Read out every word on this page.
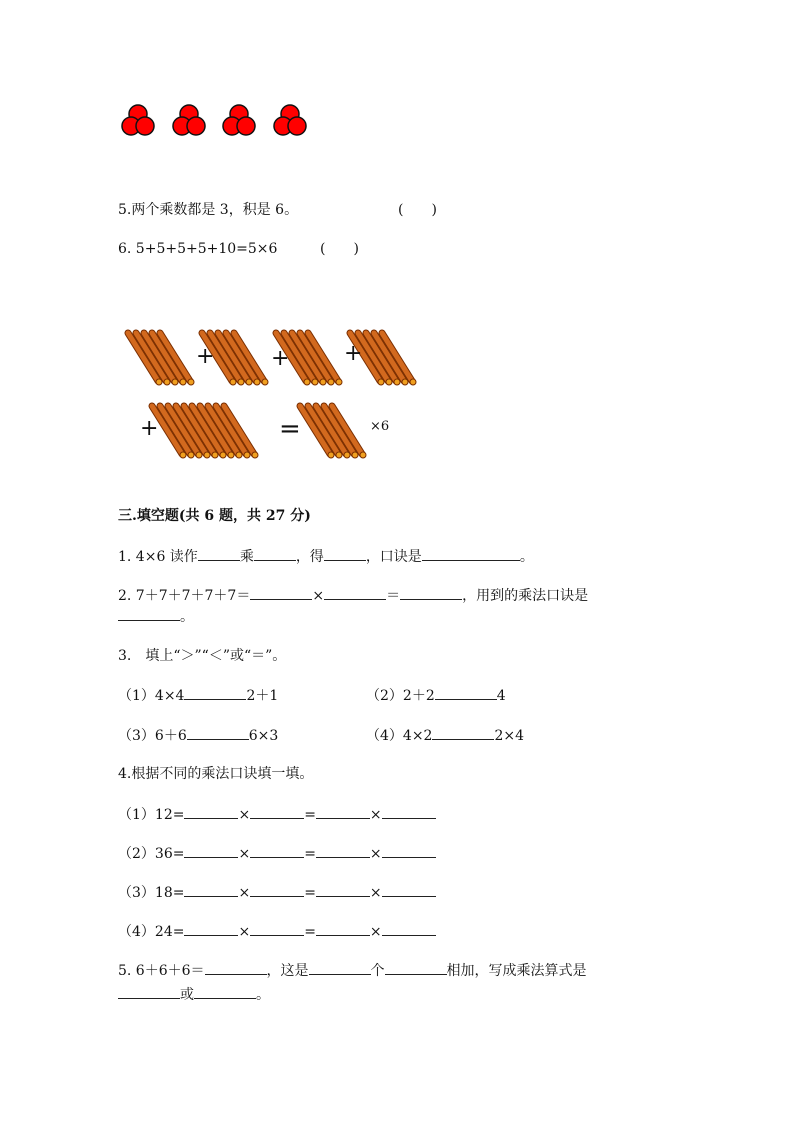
5.两个乘数都是 3，积是 6。	(　　)
6. 5+5+5+5+10=5×6	(　　)
+	+ +
+	=	×6
三.填空题(共 6 题，共 27 分)
1. 4×6 读作	乘	，得	，口诀是	。
2. 7＋7＋7＋7＋7＝	×	＝	，用到的乘法口诀是
。
3.　填上“＞”“＜”或“＝”。
（1）4×4	2＋1	（2）2＋2	4
（3）6＋6	6×3	（4）4×2	2×4
4.根据不同的乘法口诀填一填。
（1）12=	×	=	×
（2）36=	×	=	×
（3）18=	×	=	×
（4）24=	×	=	×
5. 6＋6＋6＝	，这是	个	相加，写成乘法算式是
或	。
